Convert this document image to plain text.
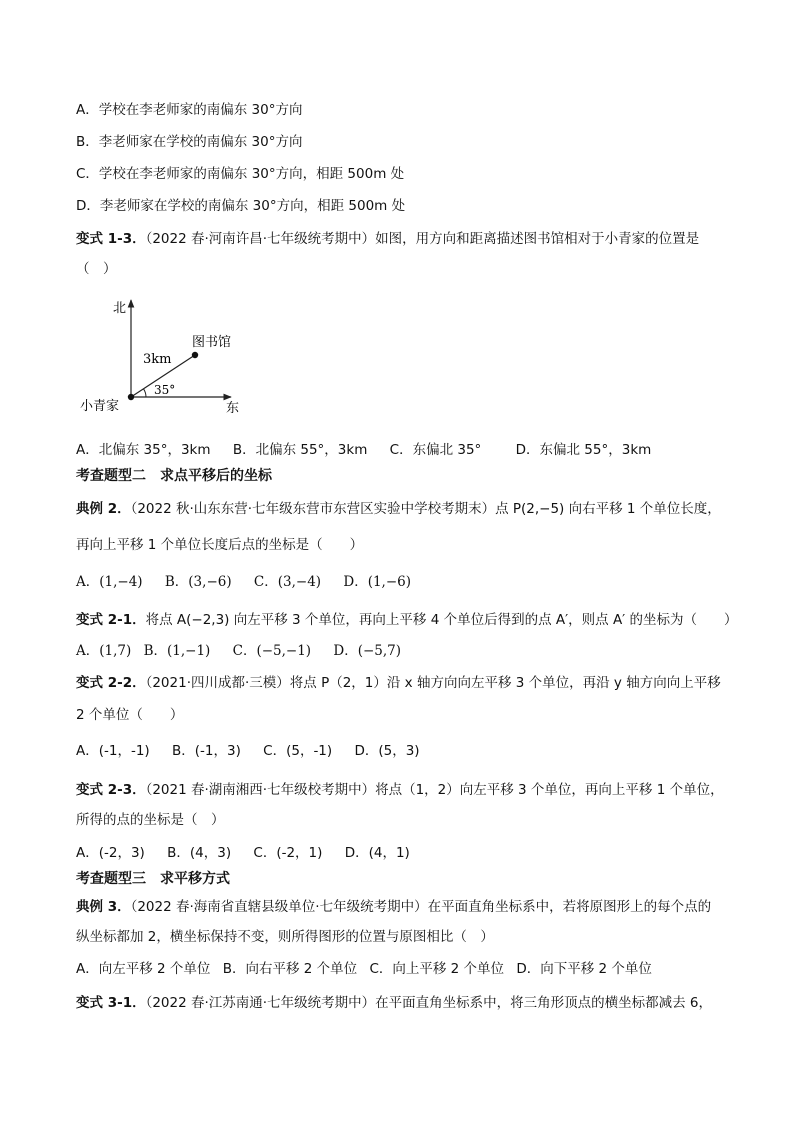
A．学校在李老师家的南偏东 30°方向
B．李老师家在学校的南偏东 30°方向
C．学校在李老师家的南偏东 30°方向，相距 500m 处
D．李老师家在学校的南偏东 30°方向，相距 500m 处
变式 1-3．（2022 春·河南许昌·七年级统考期中）如图，用方向和距离描述图书馆相对于小青家的位置是
（　）
北
东
小青家
图书馆
3km
35°
A．北偏东 35°，3km B．北偏东 55°，3km C．东偏北 35°	D．东偏北 55°，3km
考查题型二　求点平移后的坐标
典例 2．（2022 秋·山东东营·七年级东营市东营区实验中学校考期末）点 P(2,−5) 向右平移 1 个单位长度，
再向上平移 1 个单位长度后点的坐标是（　　）
A．(1,−4) B．(3,−6) C．(3,−4) D．(1,−6)
变式 2-1．将点 A(−2,3) 向左平移 3 个单位，再向上平移 4 个单位后得到的点 A′，则点 A′ 的坐标为（　　）
A．(1,7) B．(1,−1) C．(−5,−1) D．(−5,7)
变式 2-2．（2021·四川成都·三模）将点 P（2，1）沿 x 轴方向向左平移 3 个单位，再沿 y 轴方向向上平移
2 个单位（　　）
A．(-1，-1) B．(-1，3) C．(5，-1) D．(5，3)
变式 2-3．（2021 春·湖南湘西·七年级校考期中）将点（1，2）向左平移 3 个单位，再向上平移 1 个单位，
所得的点的坐标是（　）
A．(-2，3) B．(4，3) C．(-2，1) D．(4，1)
考查题型三　求平移方式
典例 3．（2022 春·海南省直辖县级单位·七年级统考期中）在平面直角坐标系中，若将原图形上的每个点的
纵坐标都加 2，横坐标保持不变，则所得图形的位置与原图相比（　）
A．向左平移 2 个单位 B．向右平移 2 个单位 C．向上平移 2 个单位 D．向下平移 2 个单位
变式 3-1．（2022 春·江苏南通·七年级统考期中）在平面直角坐标系中，将三角形顶点的横坐标都减去 6，
